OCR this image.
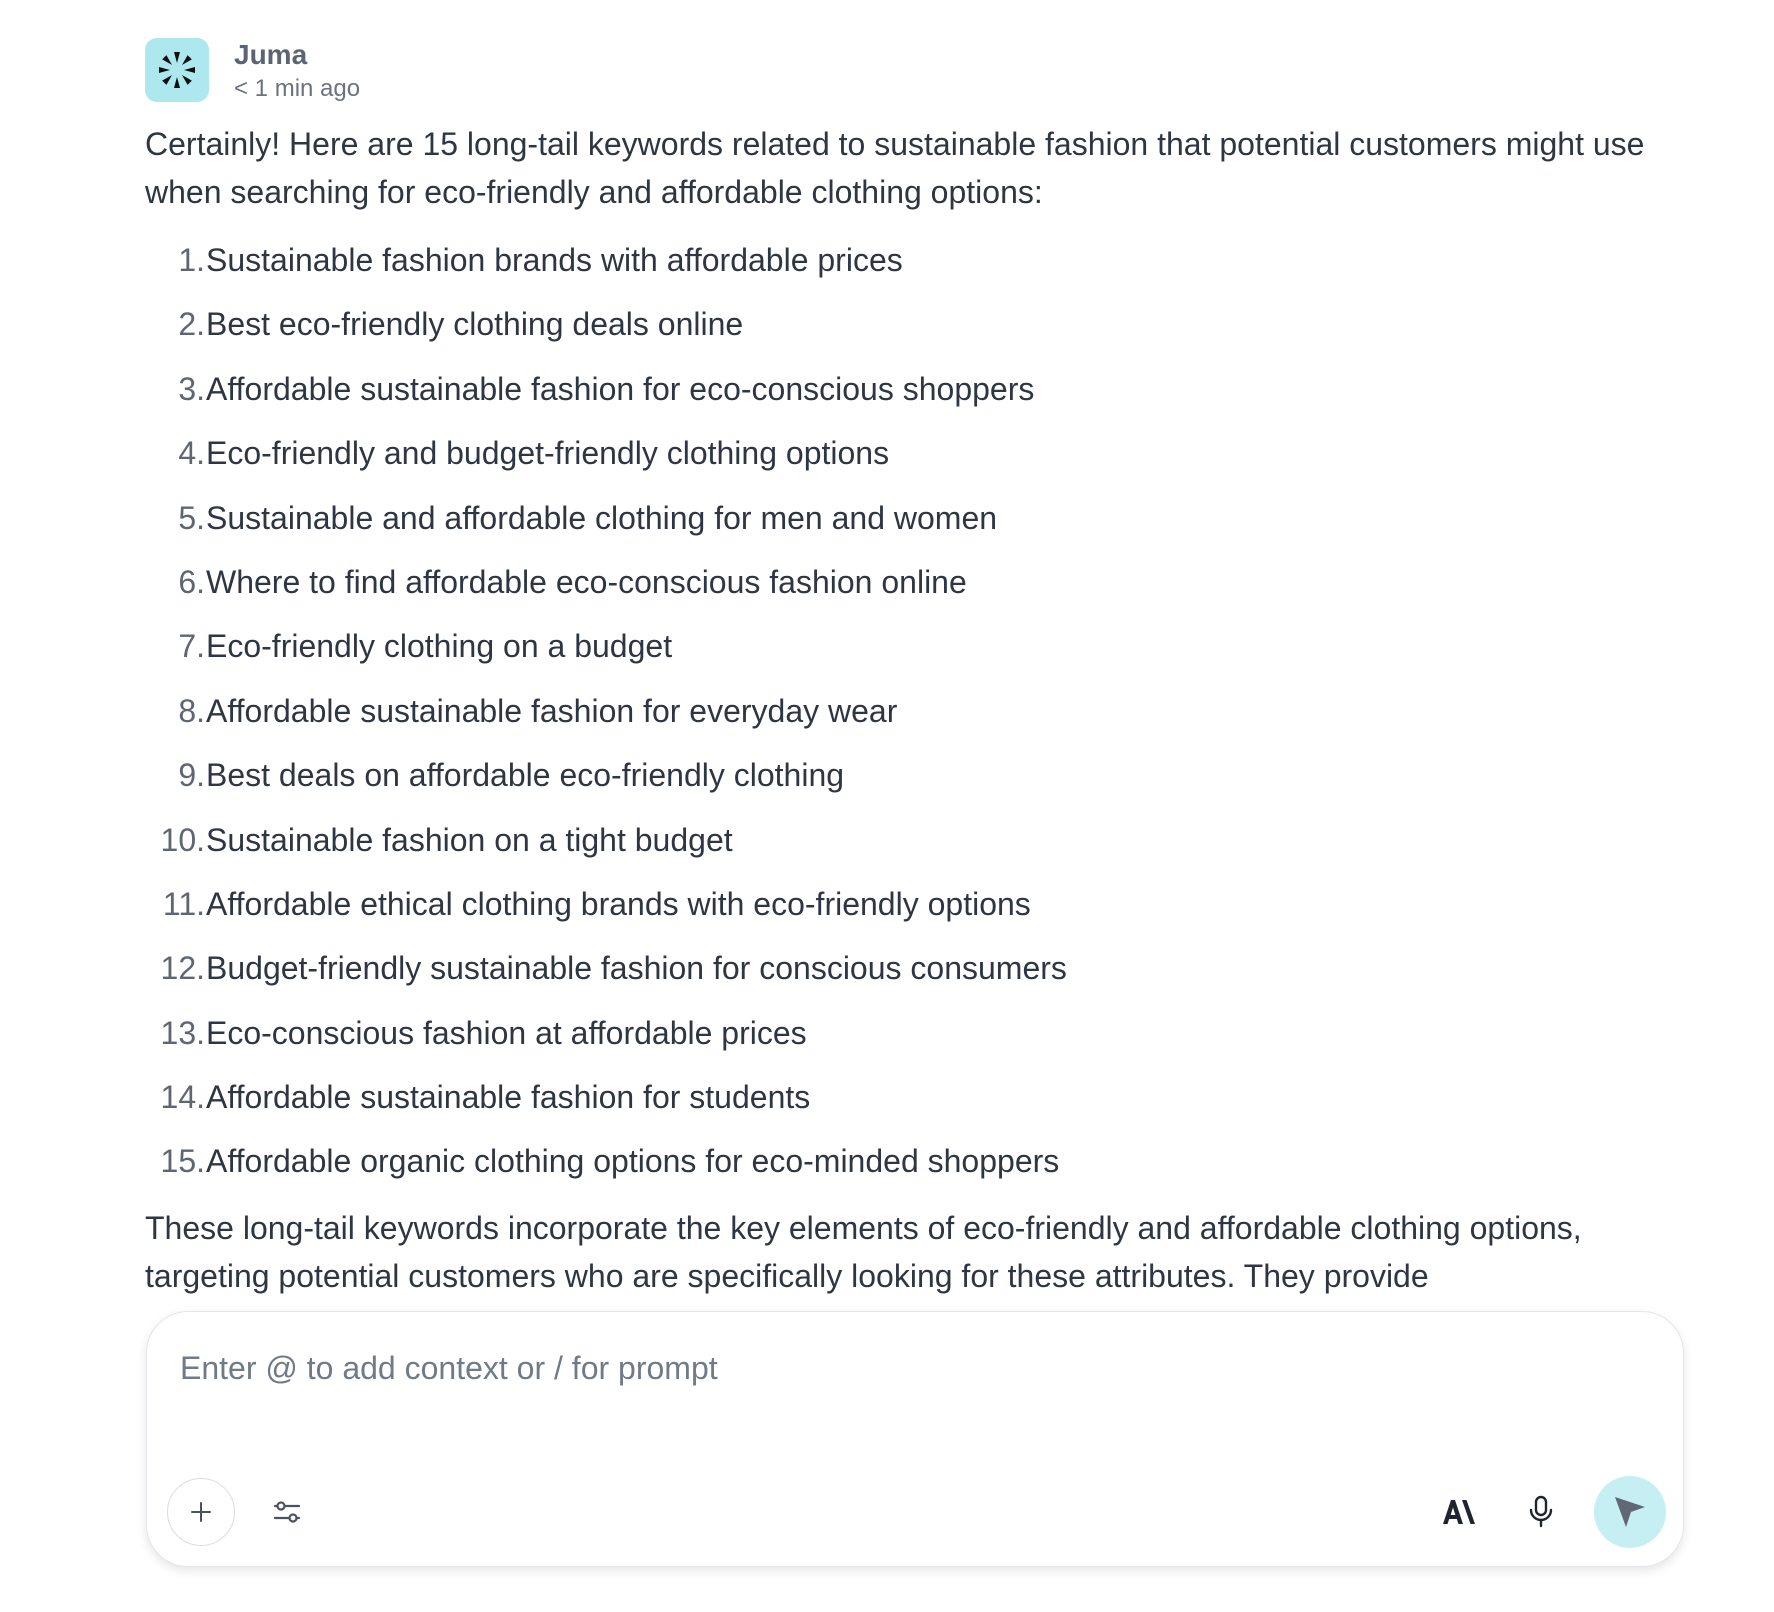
Juma
< 1 min ago

Certainly! Here are 15 long-tail keywords related to sustainable fashion that potential customers might use when searching for eco-friendly and affordable clothing options:

1. Sustainable fashion brands with affordable prices
2. Best eco-friendly clothing deals online
3. Affordable sustainable fashion for eco-conscious shoppers
4. Eco-friendly and budget-friendly clothing options
5. Sustainable and affordable clothing for men and women
6. Where to find affordable eco-conscious fashion online
7. Eco-friendly clothing on a budget
8. Affordable sustainable fashion for everyday wear
9. Best deals on affordable eco-friendly clothing
10. Sustainable fashion on a tight budget
11. Affordable ethical clothing brands with eco-friendly options
12. Budget-friendly sustainable fashion for conscious consumers
13. Eco-conscious fashion at affordable prices
14. Affordable sustainable fashion for students
15. Affordable organic clothing options for eco-minded shoppers

These long-tail keywords incorporate the key elements of eco-friendly and affordable clothing options, targeting potential customers who are specifically looking for these attributes. They provide

Enter @ to add context or / for prompt
